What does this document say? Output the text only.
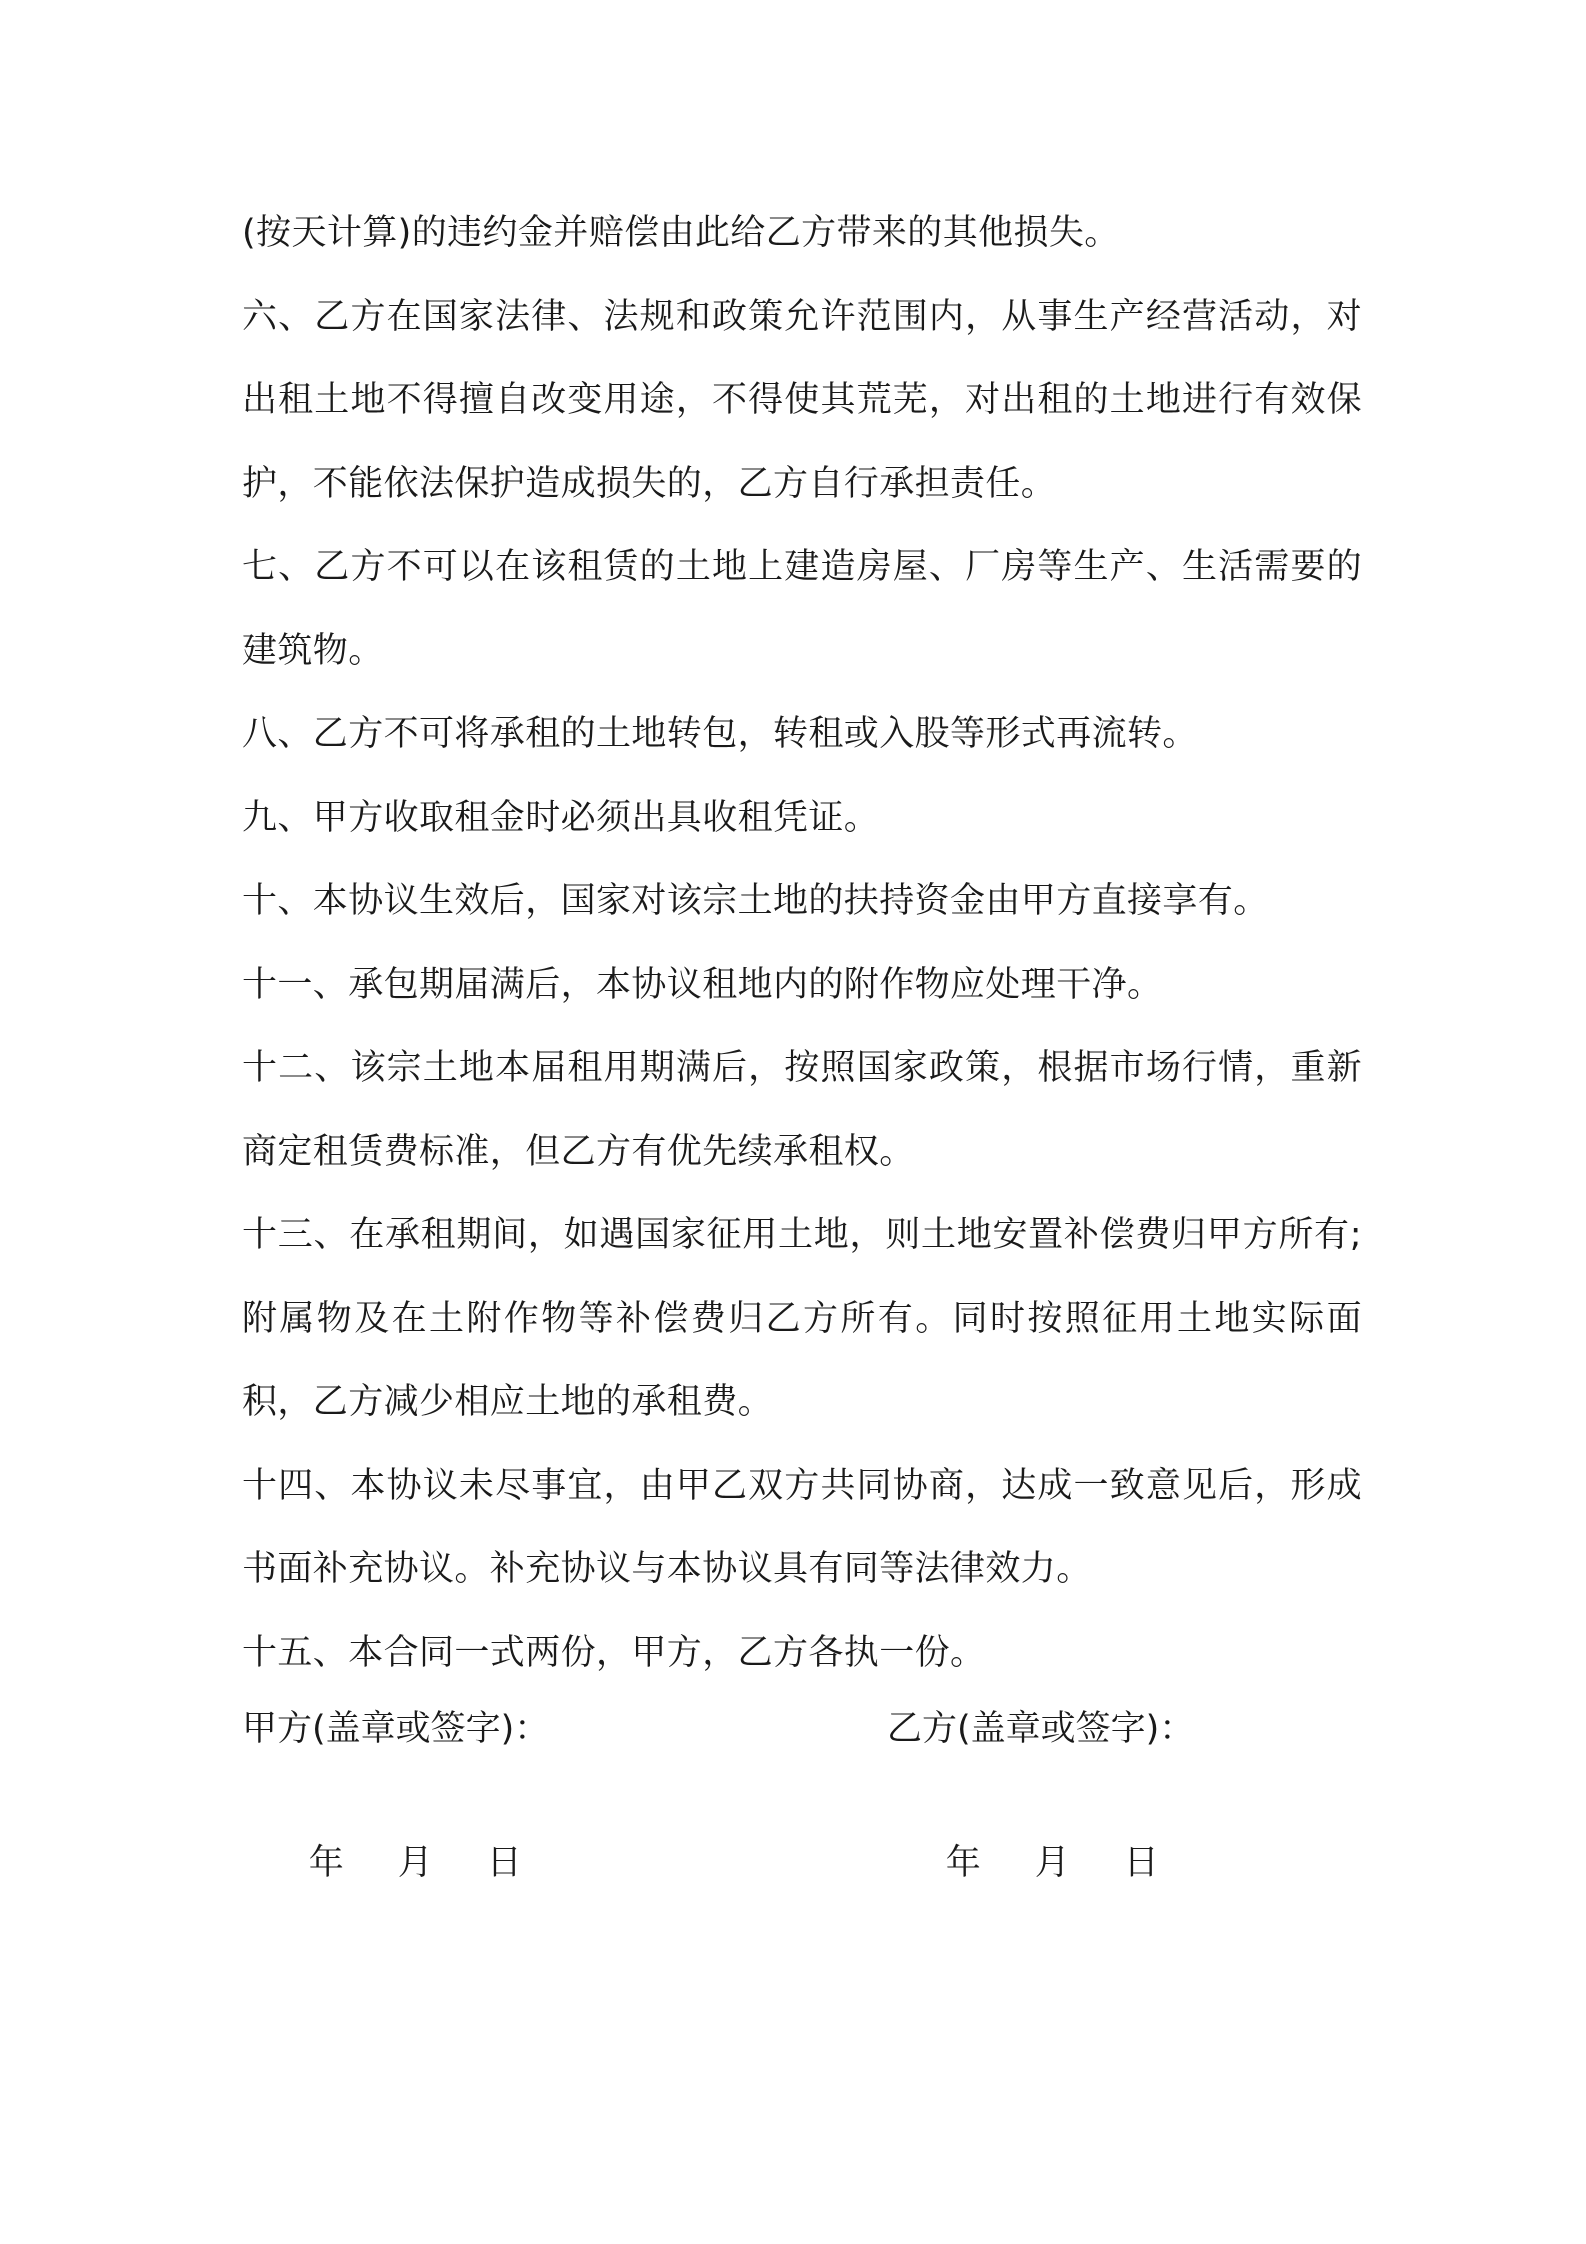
(按天计算)的违约金并赔偿由此给乙方带来的其他损失。

六、乙方在国家法律、法规和政策允许范围内，从事生产经营活动，对出租土地不得擅自改变用途，不得使其荒芜，对出租的土地进行有效保护，不能依法保护造成损失的，乙方自行承担责任。

七、乙方不可以在该租赁的土地上建造房屋、厂房等生产、生活需要的建筑物。

八、乙方不可将承租的土地转包，转租或入股等形式再流转。

九、甲方收取租金时必须出具收租凭证。

十、本协议生效后，国家对该宗土地的扶持资金由甲方直接享有。

十一、承包期届满后，本协议租地内的附作物应处理干净。

十二、该宗土地本届租用期满后，按照国家政策，根据市场行情，重新商定租赁费标准，但乙方有优先续承租权。

十三、在承租期间，如遇国家征用土地，则土地安置补偿费归甲方所有;附属物及在土附作物等补偿费归乙方所有。同时按照征用土地实际面积，乙方减少相应土地的承租费。

十四、本协议未尽事宜，由甲乙双方共同协商，达成一致意见后，形成书面补充协议。补充协议与本协议具有同等法律效力。

十五、本合同一式两份，甲方，乙方各执一份。

甲方(盖章或签字)：	乙方(盖章或签字)：

年 月 日
	年 月 日
